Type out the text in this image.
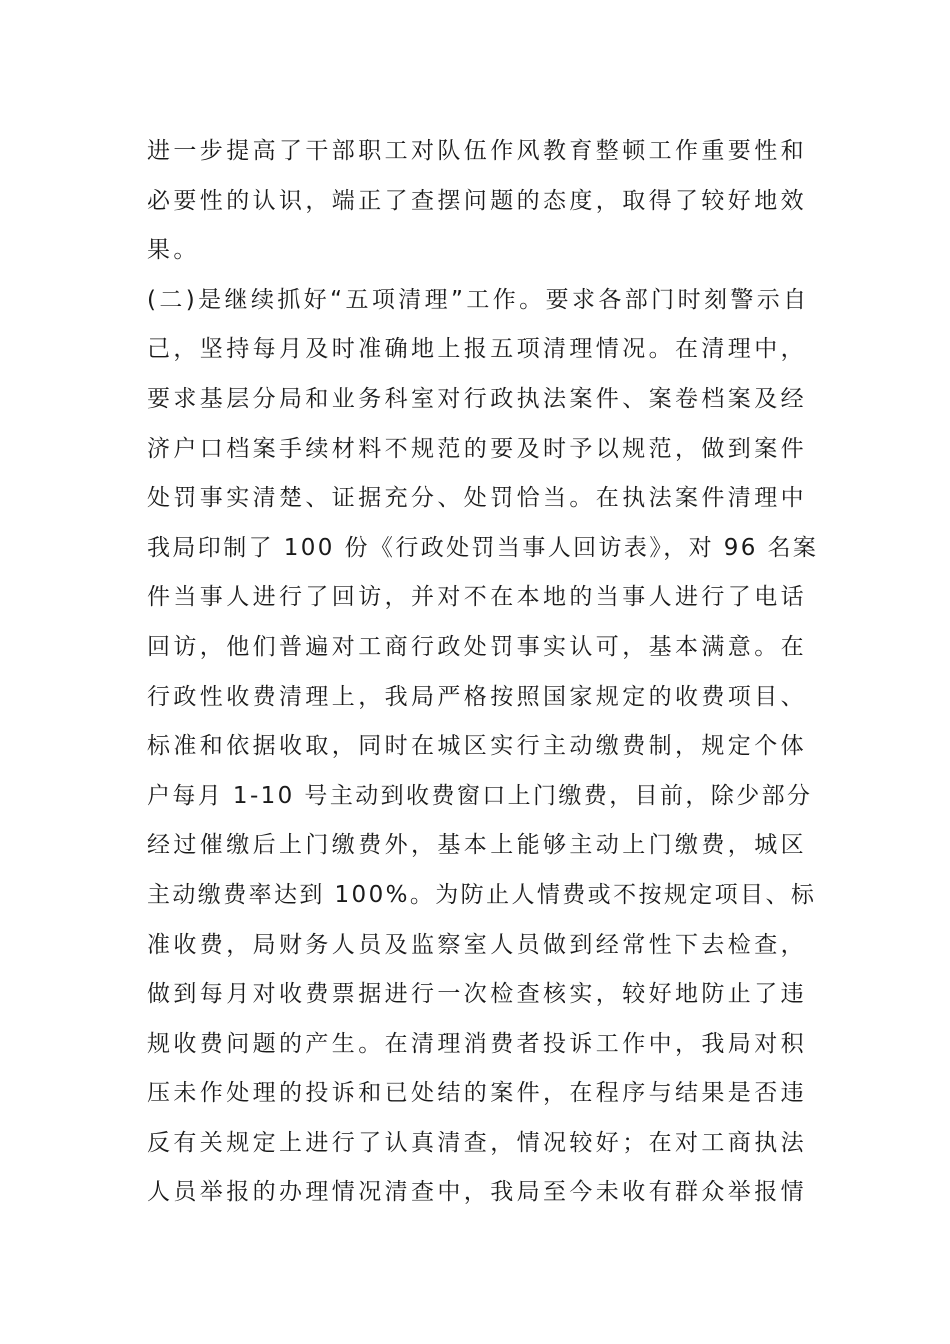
进一步提高了干部职工对队伍作风教育整顿工作重要性和
必要性的认识，端正了查摆问题的态度，取得了较好地效
果。
(二)是继续抓好“五项清理”工作。要求各部门时刻警示自
己，坚持每月及时准确地上报五项清理情况。在清理中，
要求基层分局和业务科室对行政执法案件、案卷档案及经
济户口档案手续材料不规范的要及时予以规范，做到案件
处罚事实清楚、证据充分、处罚恰当。在执法案件清理中
我局印制了 100 份《行政处罚当事人回访表》，对 96 名案
件当事人进行了回访，并对不在本地的当事人进行了电话
回访，他们普遍对工商行政处罚事实认可，基本满意。在
行政性收费清理上，我局严格按照国家规定的收费项目、
标准和依据收取，同时在城区实行主动缴费制，规定个体
户每月 1-10 号主动到收费窗口上门缴费，目前，除少部分
经过催缴后上门缴费外，基本上能够主动上门缴费，城区
主动缴费率达到 100%。为防止人情费或不按规定项目、标
准收费，局财务人员及监察室人员做到经常性下去检查，
做到每月对收费票据进行一次检查核实，较好地防止了违
规收费问题的产生。在清理消费者投诉工作中，我局对积
压未作处理的投诉和已处结的案件，在程序与结果是否违
反有关规定上进行了认真清查，情况较好；在对工商执法
人员举报的办理情况清查中，我局至今未收有群众举报情
